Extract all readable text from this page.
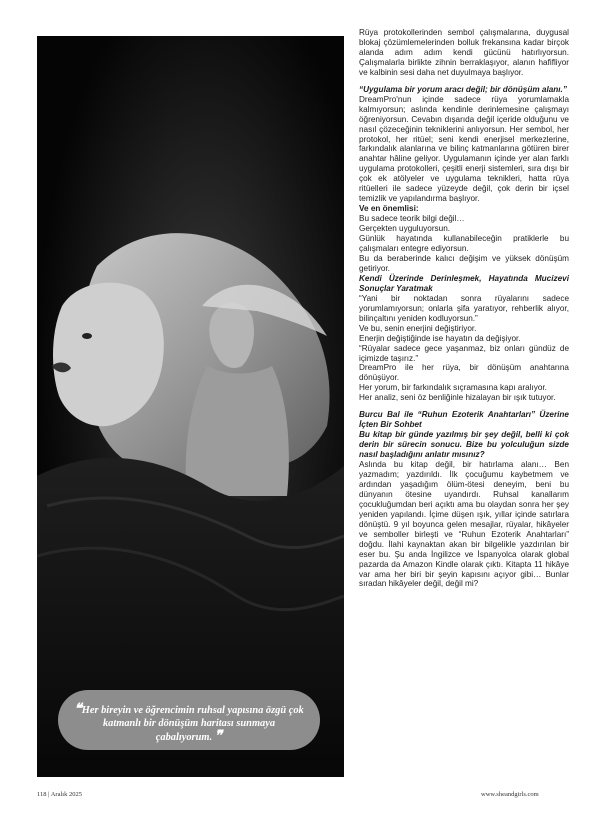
❝Her bireyin ve öğrencimin ruhsal yapısına özgü çok katmanlı bir dönüşüm haritası sunmaya çabalıyorum. ❞

Rüya protokollerinden sembol çalışmalarına, duygusal blokaj çözümlemelerinden bolluk frekansına kadar birçok alanda adım adım kendi gücünü hatırlıyorsun. Çalışmalarla birlikte zihnin berraklaşıyor, alanın hafifliyor ve kalbinin sesi daha net duyulmaya başlıyor.

“Uygulama bir yorum aracı değil; bir dönüşüm alanı.”

DreamPro'nun içinde sadece rüya yorumlamakla kalmıyorsun; aslında kendinle derinlemesine çalışmayı öğreniyorsun. Cevabın dışarıda değil içeride olduğunu ve nasıl çözeceğinin tekniklerini anlıyorsun. Her sembol, her protokol, her ritüel; seni kendi enerjisel merkezlerine, farkındalık alanlarına ve bilinç katmanlarına götüren birer anahtar hâline geliyor. Uygulamanın içinde yer alan farklı uygulama protokolleri, çeşitli enerji sistemleri, sıra dışı bir çok ek atölyeler ve uygulama teknikleri, hatta rüya ritüelleri ile sadece yüzeyde değil, çok derin bir içsel temizlik ve yapılandırma başlıyor.

Ve en önemlisi:

Bu sadece teorik bilgi değil…

Gerçekten uyguluyorsun.

Günlük hayatında kullanabileceğin pratiklerle bu çalışmaları entegre ediyorsun.

Bu da beraberinde kalıcı değişim ve yüksek dönüşüm getiriyor.

Kendi Üzerinde Derinleşmek, Hayatında Mucizevi Sonuçlar Yaratmak

“Yani bir noktadan sonra rüyalarını sadece yorumlamıyorsun; onlarla şifa yaratıyor, rehberlik alıyor, bilinçaltını yeniden kodluyorsun.”

Ve bu, senin enerjini değiştiriyor.

Enerjin değiştiğinde ise hayatın da değişiyor.

“Rüyalar sadece gece yaşanmaz, biz onları gündüz de içimizde taşırız.”

DreamPro ile her rüya, bir dönüşüm anahtarına dönüşüyor.

Her yorum, bir farkındalık sıçramasına kapı aralıyor.

Her analiz, seni öz benliğinle hizalayan bir ışık tutuyor.

Burcu Bal ile “Ruhun Ezoterik Anahtarları” Üzerine İçten Bir Sohbet

Bu kitap bir günde yazılmış bir şey değil, belli ki çok derin bir sürecin sonucu. Bize bu yolculuğun sizde nasıl başladığını anlatır mısınız?

Aslında bu kitap değil, bir hatırlama alanı… Ben yazmadım; yazdırıldı. İlk çocuğumu kaybetmem ve ardından yaşadığım ölüm-ötesi deneyim, beni bu dünyanın ötesine uyandırdı. Ruhsal kanallarım çocukluğumdan beri açıktı ama bu olaydan sonra her şey yeniden yapılandı. İçime düşen ışık, yıllar içinde satırlara dönüştü. 9 yıl boyunca gelen mesajlar, rüyalar, hikâyeler ve semboller birleşti ve “Ruhun Ezoterik Anahtarları” doğdu. İlahi kaynaktan akan bir bilgelikle yazdırılan bir eser bu. Şu anda İngilizce ve İspanyolca olarak global pazarda da Amazon Kindle olarak çıktı. Kitapta 11 hikâye var ama her biri bir şeyin kapısını açıyor gibi… Bunlar sıradan hikâyeler değil, değil mi?

118 | Aralık 2025	www.sheandgirls.com
